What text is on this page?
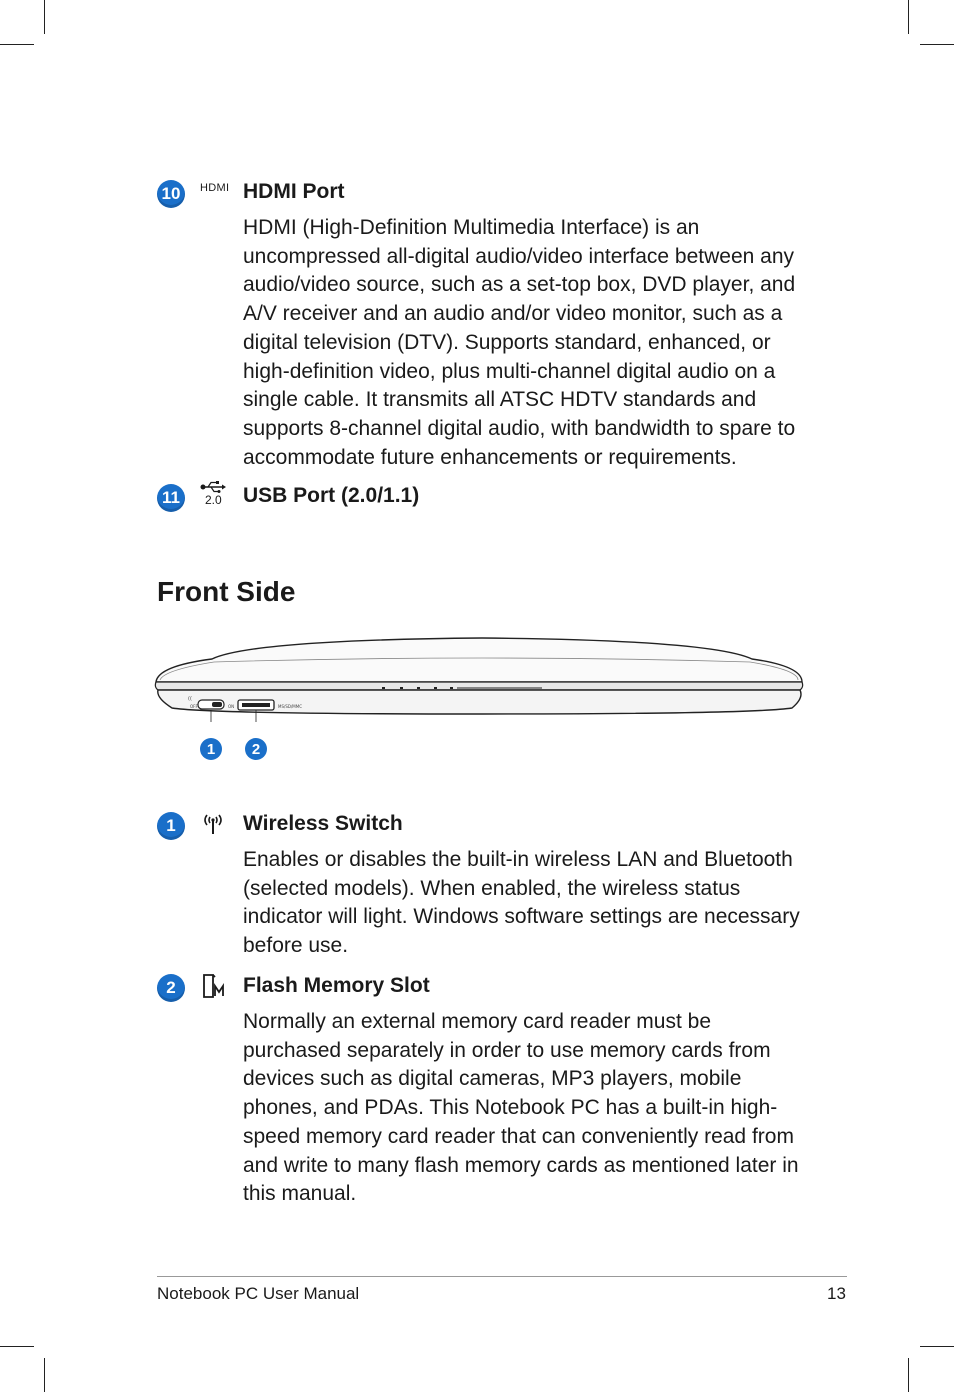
10	HDMI HDMI Port
HDMI (High-Definition Multimedia Interface) is an uncompressed all-digital audio/video interface between any audio/video source, such as a set-top box, DVD player, and A/V receiver and an audio and/or video monitor, such as a digital television (DTV). Supports standard, enhanced, or high-definition video, plus multi-channel digital audio on a single cable. It transmits all ATSC HDTV standards and supports 8-channel digital audio, with bandwidth to spare to accommodate future enhancements or requirements.
11	2.0 USB Port (2.0/1.1)
Front Side
OFF	ON
((
MS/SD/MMC
1	2
1	Wireless Switch
Enables or disables the built-in wireless LAN and Bluetooth (selected models). When enabled, the wireless status indicator will light. Windows software settings are necessary before use.
2	Flash Memory Slot
Normally an external memory card reader must be purchased separately in order to use memory cards from devices such as digital cameras, MP3 players, mobile phones, and PDAs. This Notebook PC has a built-in high-speed memory card reader that can conveniently read from and write to many flash memory cards as mentioned later in this manual.
Notebook PC User Manual	13
